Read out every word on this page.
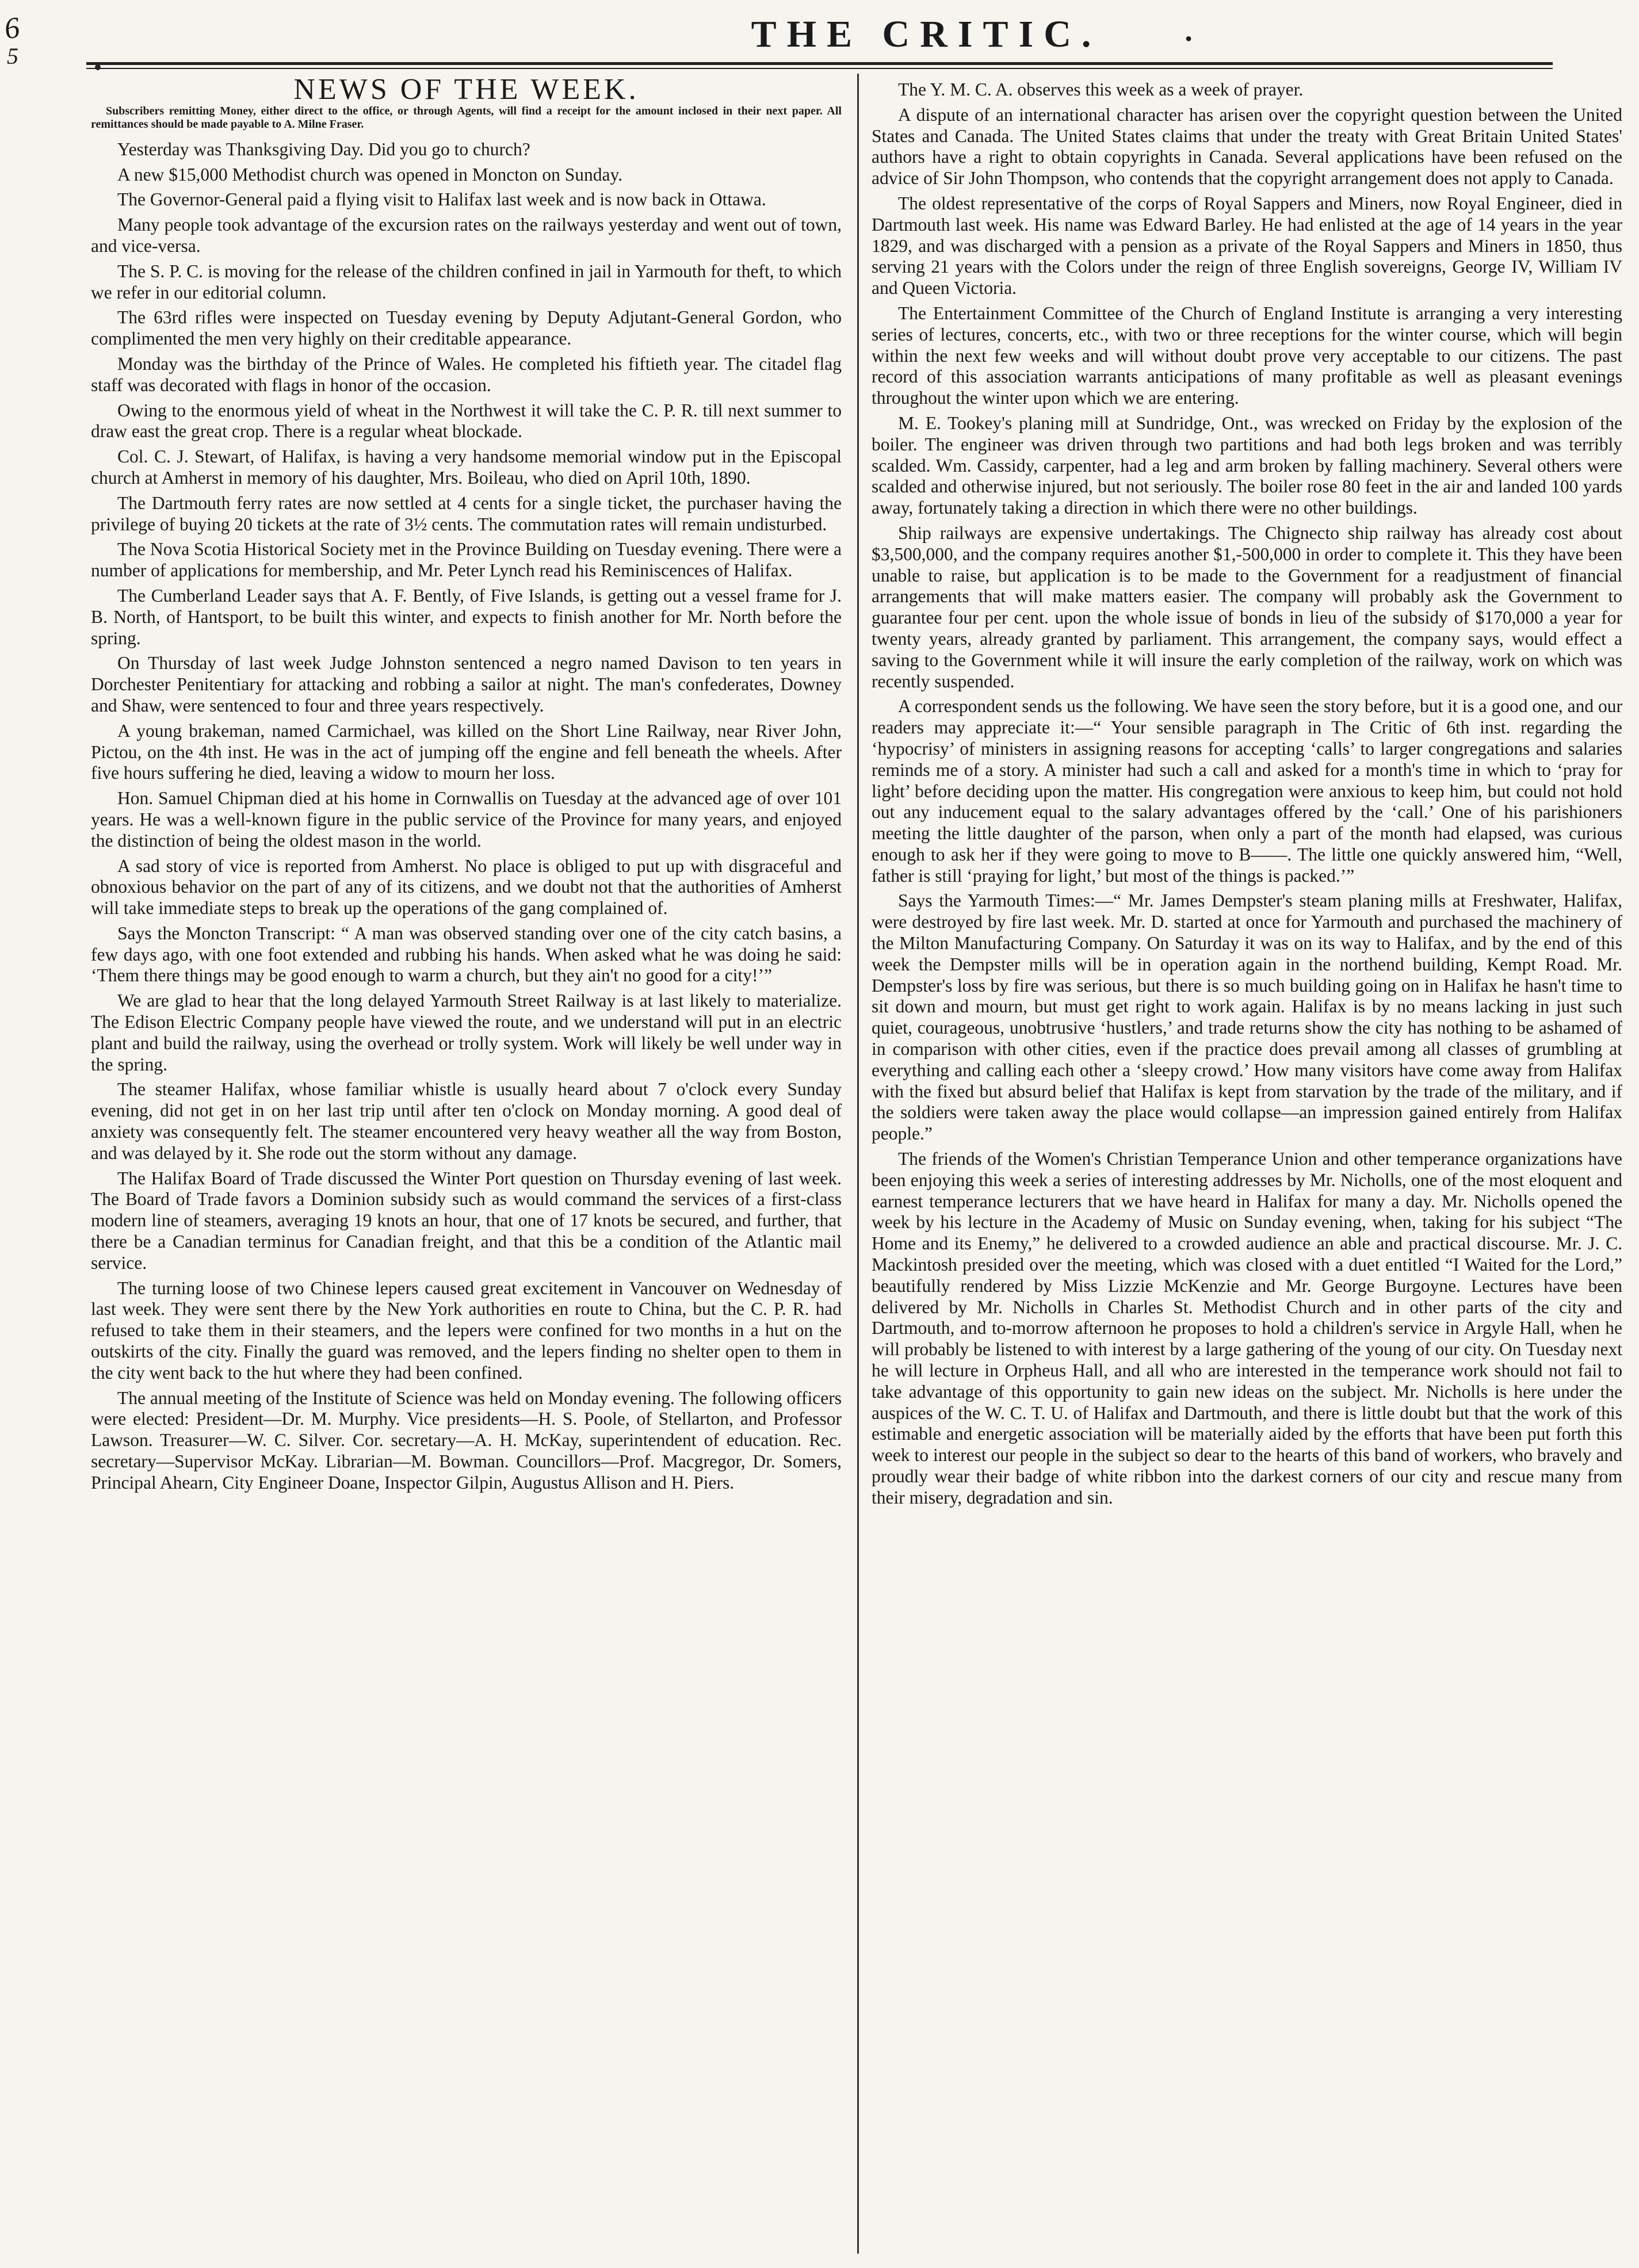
6
5
THE CRITIC.	●

NEWS OF THE WEEK.

Subscribers remitting Money, either direct to the office, or through Agents, will find a receipt for the amount inclosed in their next paper. All remittances should be made payable to A. Milne Fraser.

Yesterday was Thanksgiving Day. Did you go to church?

A new $15,000 Methodist church was opened in Moncton on Sunday.

The Governor-General paid a flying visit to Halifax last week and is now back in Ottawa.

Many people took advantage of the excursion rates on the railways yesterday and went out of town, and vice-versa.

The S. P. C. is moving for the release of the children confined in jail in Yarmouth for theft, to which we refer in our editorial column.

The 63rd rifles were inspected on Tuesday evening by Deputy Adjutant-General Gordon, who complimented the men very highly on their creditable appearance.

Monday was the birthday of the Prince of Wales. He completed his fiftieth year. The citadel flag staff was decorated with flags in honor of the occasion.

Owing to the enormous yield of wheat in the Northwest it will take the C. P. R. till next summer to draw east the great crop. There is a regular wheat blockade.

Col. C. J. Stewart, of Halifax, is having a very handsome memorial window put in the Episcopal church at Amherst in memory of his daughter, Mrs. Boileau, who died on April 10th, 1890.

The Dartmouth ferry rates are now settled at 4 cents for a single ticket, the purchaser having the privilege of buying 20 tickets at the rate of 3½ cents. The commutation rates will remain undisturbed.

The Nova Scotia Historical Society met in the Province Building on Tuesday evening. There were a number of applications for membership, and Mr. Peter Lynch read his Reminiscences of Halifax.

The Cumberland Leader says that A. F. Bently, of Five Islands, is getting out a vessel frame for J. B. North, of Hantsport, to be built this winter, and expects to finish another for Mr. North before the spring.

On Thursday of last week Judge Johnston sentenced a negro named Davison to ten years in Dorchester Penitentiary for attacking and robbing a sailor at night. The man's confederates, Downey and Shaw, were sentenced to four and three years respectively.

A young brakeman, named Carmichael, was killed on the Short Line Railway, near River John, Pictou, on the 4th inst. He was in the act of jumping off the engine and fell beneath the wheels. After five hours suffering he died, leaving a widow to mourn her loss.

Hon. Samuel Chipman died at his home in Cornwallis on Tuesday at the advanced age of over 101 years. He was a well-known figure in the public service of the Province for many years, and enjoyed the distinction of being the oldest mason in the world.

A sad story of vice is reported from Amherst. No place is obliged to put up with disgraceful and obnoxious behavior on the part of any of its citizens, and we doubt not that the authorities of Amherst will take immediate steps to break up the operations of the gang complained of.

Says the Moncton Transcript: “ A man was observed standing over one of the city catch basins, a few days ago, with one foot extended and rubbing his hands. When asked what he was doing he said: ‘Them there things may be good enough to warm a church, but they ain't no good for a city!’”

We are glad to hear that the long delayed Yarmouth Street Railway is at last likely to materialize. The Edison Electric Company people have viewed the route, and we understand will put in an electric plant and build the railway, using the overhead or trolly system. Work will likely be well under way in the spring.

The steamer Halifax, whose familiar whistle is usually heard about 7 o'clock every Sunday evening, did not get in on her last trip until after ten o'clock on Monday morning. A good deal of anxiety was consequently felt. The steamer encountered very heavy weather all the way from Boston, and was delayed by it. She rode out the storm without any damage.

The Halifax Board of Trade discussed the Winter Port question on Thursday evening of last week. The Board of Trade favors a Dominion subsidy such as would command the services of a first-class modern line of steamers, averaging 19 knots an hour, that one of 17 knots be secured, and further, that there be a Canadian terminus for Canadian freight, and that this be a condition of the Atlantic mail service.

The turning loose of two Chinese lepers caused great excitement in Vancouver on Wednesday of last week. They were sent there by the New York authorities en route to China, but the C. P. R. had refused to take them in their steamers, and the lepers were confined for two months in a hut on the outskirts of the city. Finally the guard was removed, and the lepers finding no shelter open to them in the city went back to the hut where they had been confined.

The annual meeting of the Institute of Science was held on Monday evening. The following officers were elected: President—Dr. M. Murphy. Vice presidents—H. S. Poole, of Stellarton, and Professor Lawson. Treasurer—W. C. Silver. Cor. secretary—A. H. McKay, superintendent of education. Rec. secretary—Supervisor McKay. Librarian—M. Bowman. Councillors—Prof. Macgregor, Dr. Somers, Principal Ahearn, City Engineer Doane, Inspector Gilpin, Augustus Allison and H. Piers.

The Y. M. C. A. observes this week as a week of prayer.

A dispute of an international character has arisen over the copyright question between the United States and Canada. The United States claims that under the treaty with Great Britain United States' authors have a right to obtain copyrights in Canada. Several applications have been refused on the advice of Sir John Thompson, who contends that the copyright arrangement does not apply to Canada.

The oldest representative of the corps of Royal Sappers and Miners, now Royal Engineer, died in Dartmouth last week. His name was Edward Barley. He had enlisted at the age of 14 years in the year 1829, and was discharged with a pension as a private of the Royal Sappers and Miners in 1850, thus serving 21 years with the Colors under the reign of three English sovereigns, George IV, William IV and Queen Victoria.

The Entertainment Committee of the Church of England Institute is arranging a very interesting series of lectures, concerts, etc., with two or three receptions for the winter course, which will begin within the next few weeks and will without doubt prove very acceptable to our citizens. The past record of this association warrants anticipations of many profitable as well as pleasant evenings throughout the winter upon which we are entering.

M. E. Tookey's planing mill at Sundridge, Ont., was wrecked on Friday by the explosion of the boiler. The engineer was driven through two partitions and had both legs broken and was terribly scalded. Wm. Cassidy, carpenter, had a leg and arm broken by falling machinery. Several others were scalded and otherwise injured, but not seriously. The boiler rose 80 feet in the air and landed 100 yards away, fortunately taking a direction in which there were no other buildings.

Ship railways are expensive undertakings. The Chignecto ship railway has already cost about $3,500,000, and the company requires another $1,-500,000 in order to complete it. This they have been unable to raise, but application is to be made to the Government for a readjustment of financial arrangements that will make matters easier. The company will probably ask the Government to guarantee four per cent. upon the whole issue of bonds in lieu of the subsidy of $170,000 a year for twenty years, already granted by parliament. This arrangement, the company says, would effect a saving to the Government while it will insure the early completion of the railway, work on which was recently suspended.

A correspondent sends us the following. We have seen the story before, but it is a good one, and our readers may appreciate it:—“ Your sensible paragraph in The Critic of 6th inst. regarding the ‘hypocrisy’ of ministers in assigning reasons for accepting ‘calls’ to larger congregations and salaries reminds me of a story. A minister had such a call and asked for a month's time in which to ‘pray for light’ before deciding upon the matter. His congregation were anxious to keep him, but could not hold out any inducement equal to the salary advantages offered by the ‘call.’ One of his parishioners meeting the little daughter of the parson, when only a part of the month had elapsed, was curious enough to ask her if they were going to move to B——. The little one quickly answered him, “Well, father is still ‘praying for light,’ but most of the things is packed.’”

Says the Yarmouth Times:—“ Mr. James Dempster's steam planing mills at Freshwater, Halifax, were destroyed by fire last week. Mr. D. started at once for Yarmouth and purchased the machinery of the Milton Manufacturing Company. On Saturday it was on its way to Halifax, and by the end of this week the Dempster mills will be in operation again in the northend building, Kempt Road. Mr. Dempster's loss by fire was serious, but there is so much building going on in Halifax he hasn't time to sit down and mourn, but must get right to work again. Halifax is by no means lacking in just such quiet, courageous, unobtrusive ‘hustlers,’ and trade returns show the city has nothing to be ashamed of in comparison with other cities, even if the practice does prevail among all classes of grumbling at everything and calling each other a ‘sleepy crowd.’ How many visitors have come away from Halifax with the fixed but absurd belief that Halifax is kept from starvation by the trade of the military, and if the soldiers were taken away the place would collapse—an impression gained entirely from Halifax people.”

The friends of the Women's Christian Temperance Union and other temperance organizations have been enjoying this week a series of interesting addresses by Mr. Nicholls, one of the most eloquent and earnest temperance lecturers that we have heard in Halifax for many a day. Mr. Nicholls opened the week by his lecture in the Academy of Music on Sunday evening, when, taking for his subject “The Home and its Enemy,” he delivered to a crowded audience an able and practical discourse. Mr. J. C. Mackintosh presided over the meeting, which was closed with a duet entitled “I Waited for the Lord,” beautifully rendered by Miss Lizzie McKenzie and Mr. George Burgoyne. Lectures have been delivered by Mr. Nicholls in Charles St. Methodist Church and in other parts of the city and Dartmouth, and to-morrow afternoon he proposes to hold a children's service in Argyle Hall, when he will probably be listened to with interest by a large gathering of the young of our city. On Tuesday next he will lecture in Orpheus Hall, and all who are interested in the temperance work should not fail to take advantage of this opportunity to gain new ideas on the subject. Mr. Nicholls is here under the auspices of the W. C. T. U. of Halifax and Dartmouth, and there is little doubt but that the work of this estimable and energetic association will be materially aided by the efforts that have been put forth this week to interest our people in the subject so dear to the hearts of this band of workers, who bravely and proudly wear their badge of white ribbon into the darkest corners of our city and rescue many from their misery, degradation and sin.
